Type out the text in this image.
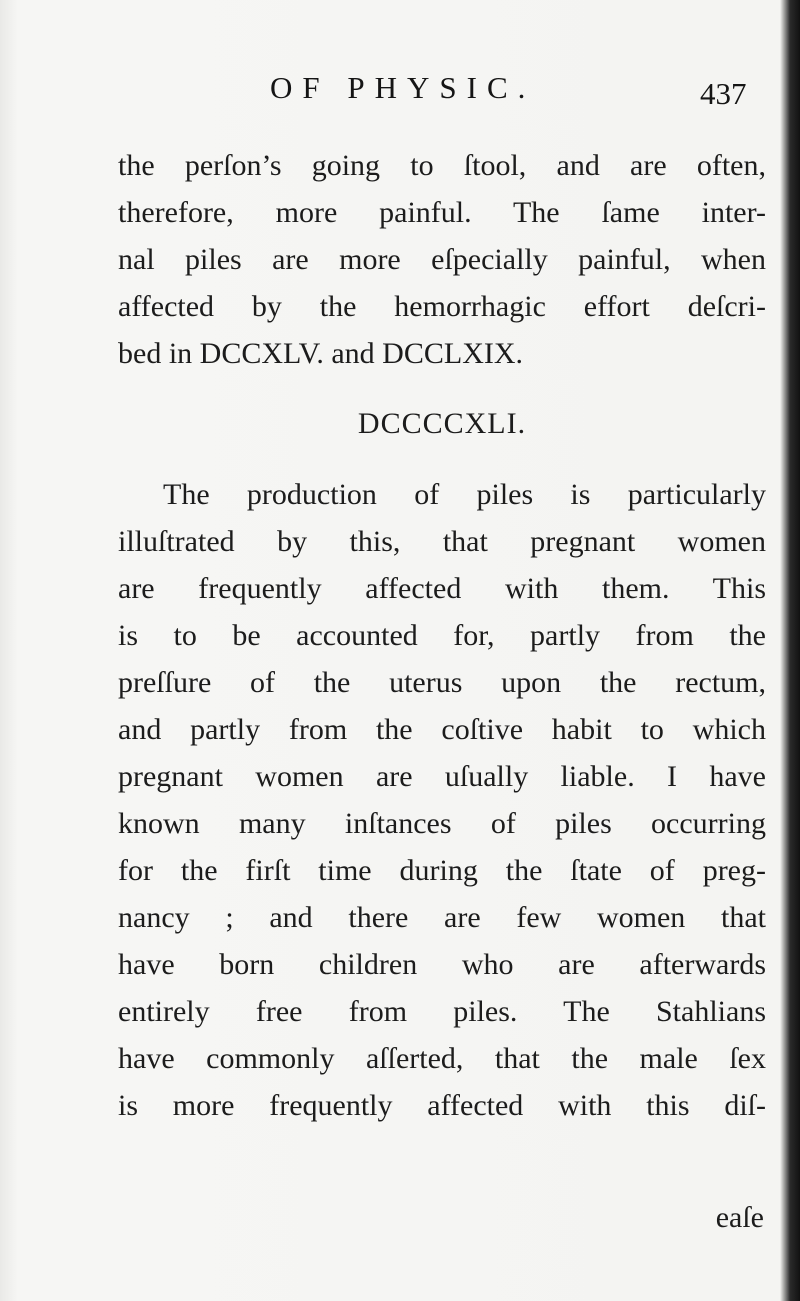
OF PHYSIC.	437
the perſon’s going to ſtool, and are often,
therefore, more painful. The ſame inter-
nal piles are more eſpecially painful, when
affected by the hemorrhagic effort deſcri-
bed in DCCXLV. and DCCLXIX.
DCCCCXLI.
The production of piles is particularly
illuſtrated by this, that pregnant women
are frequently affected with them. This
is to be accounted for, partly from the
preſſure of the uterus upon the rectum,
and partly from the coſtive habit to which
pregnant women are uſually liable. I have
known many inſtances of piles occurring
for the firſt time during the ſtate of preg-
nancy ; and there are few women that
have born children who are afterwards
entirely free from piles. The Stahlians
have commonly aſſerted, that the male ſex
is more frequently affected with this diſ-
eaſe
